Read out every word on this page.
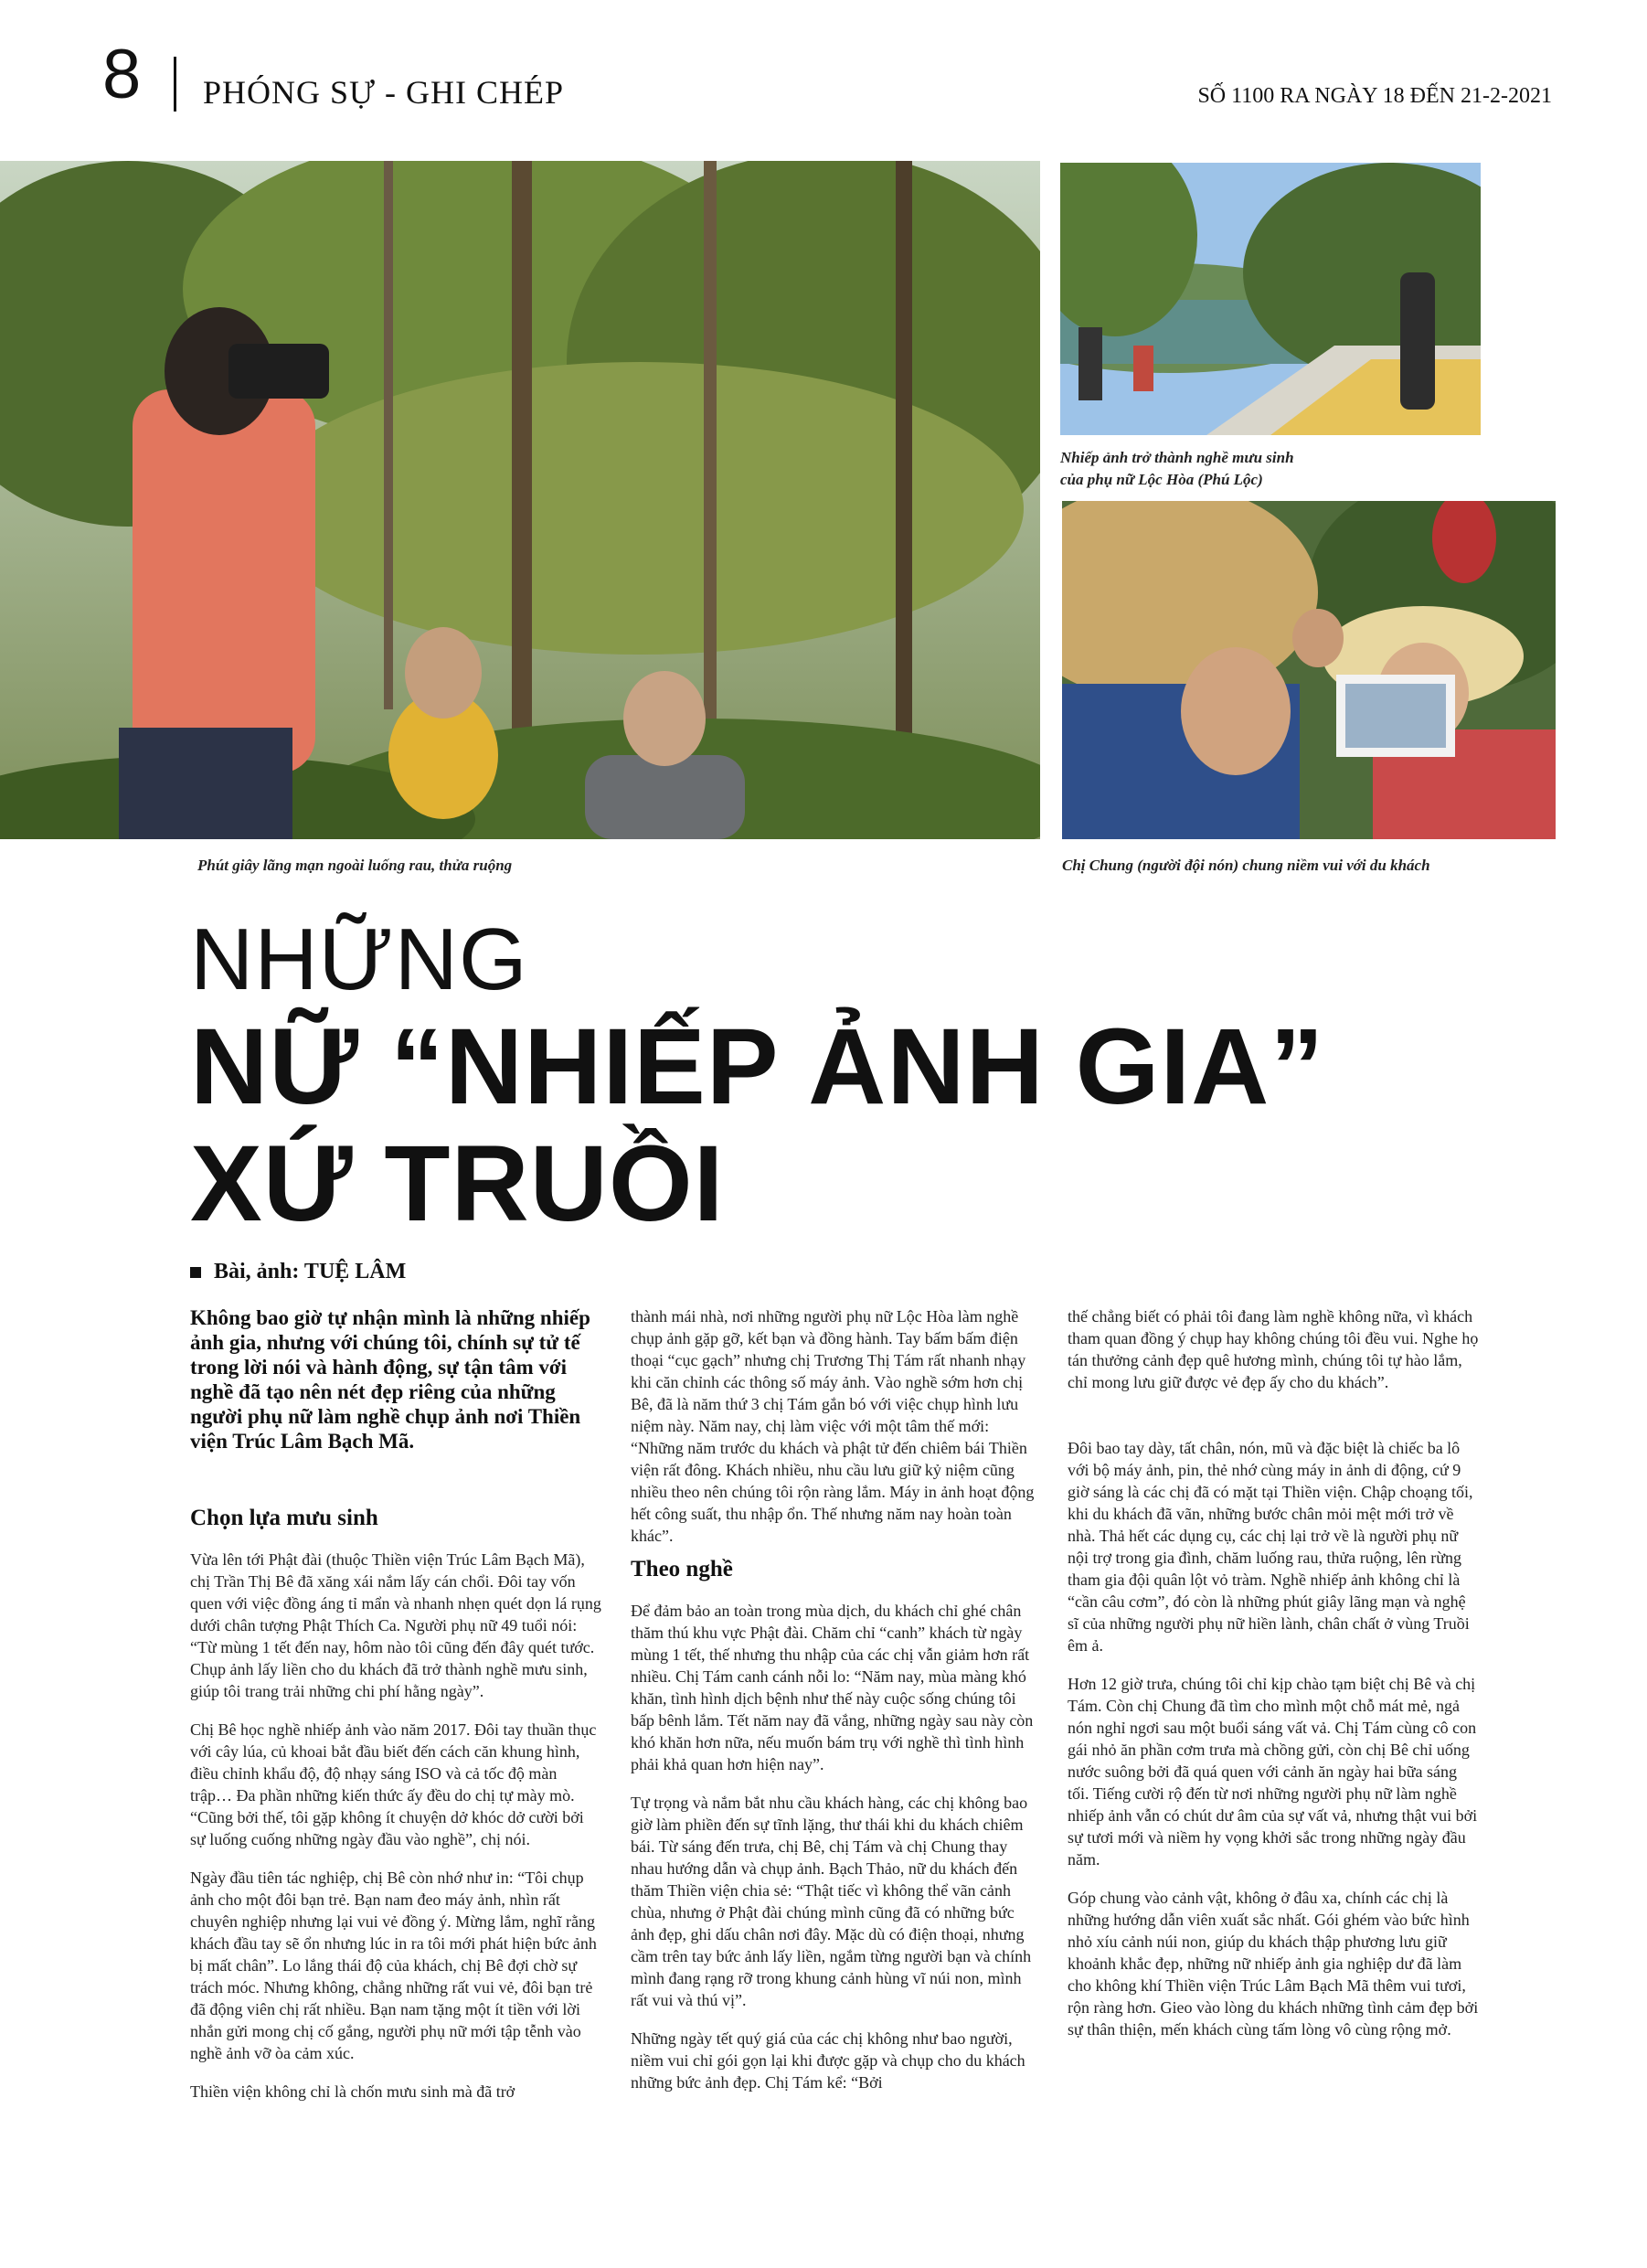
8 PHÓNG SỰ - GHI CHÉP	SỐ 1100 RA NGÀY 18 ĐẾN 21-2-2021
Phút giây lãng mạn ngoài luống rau, thửa ruộng
Nhiếp ảnh trở thành nghề mưu sinh
của phụ nữ Lộc Hòa (Phú Lộc)
Chị Chung (người đội nón) chung niềm vui với du khách
NHỮNG
NỮ “NHIẾP ẢNH GIA”
XỨ TRUỒI
Bài, ảnh: TUỆ LÂM

Không bao giờ tự nhận mình là những nhiếp ảnh gia, nhưng với chúng tôi, chính sự tử tế trong lời nói và hành động, sự tận tâm với nghề đã tạo nên nét đẹp riêng của những người phụ nữ làm nghề chụp ảnh nơi Thiền viện Trúc Lâm Bạch Mã.

Chọn lựa mưu sinh

Vừa lên tới Phật đài (thuộc Thiền viện Trúc Lâm Bạch Mã), chị Trần Thị Bê đã xăng xái nắm lấy cán chổi. Đôi tay vốn quen với việc đồng áng tỉ mẩn và nhanh nhẹn quét dọn lá rụng dưới chân tượng Phật Thích Ca. Người phụ nữ 49 tuổi nói: “Từ mùng 1 tết đến nay, hôm nào tôi cũng đến đây quét tước. Chụp ảnh lấy liền cho du khách đã trở thành nghề mưu sinh, giúp tôi trang trải những chi phí hằng ngày”.

Chị Bê học nghề nhiếp ảnh vào năm 2017. Đôi tay thuần thục với cây lúa, củ khoai bắt đầu biết đến cách căn khung hình, điều chỉnh khẩu độ, độ nhạy sáng ISO và cả tốc độ màn trập… Đa phần những kiến thức ấy đều do chị tự mày mò. “Cũng bởi thế, tôi gặp không ít chuyện dở khóc dở cười bởi sự luống cuống những ngày đầu vào nghề”, chị nói.

Ngày đầu tiên tác nghiệp, chị Bê còn nhớ như in: “Tôi chụp ảnh cho một đôi bạn trẻ. Bạn nam đeo máy ảnh, nhìn rất chuyên nghiệp nhưng lại vui vẻ đồng ý. Mừng lắm, nghĩ rằng khách đầu tay sẽ ổn nhưng lúc in ra tôi mới phát hiện bức ảnh bị mất chân”. Lo lắng thái độ của khách, chị Bê đợi chờ sự trách móc. Nhưng không, chẳng những rất vui vẻ, đôi bạn trẻ đã động viên chị rất nhiều. Bạn nam tặng một ít tiền với lời nhắn gửi mong chị cố gắng, người phụ nữ mới tập tễnh vào nghề ảnh vỡ òa cảm xúc.

Thiền viện không chỉ là chốn mưu sinh mà đã trở

thành mái nhà, nơi những người phụ nữ Lộc Hòa làm nghề chụp ảnh gặp gỡ, kết bạn và đồng hành. Tay bấm bấm điện thoại “cục gạch” nhưng chị Trương Thị Tám rất nhanh nhạy khi căn chỉnh các thông số máy ảnh. Vào nghề sớm hơn chị Bê, đã là năm thứ 3 chị Tám gắn bó với việc chụp hình lưu niệm này. Năm nay, chị làm việc với một tâm thế mới: “Những năm trước du khách và phật tử đến chiêm bái Thiền viện rất đông. Khách nhiều, nhu cầu lưu giữ kỷ niệm cũng nhiều theo nên chúng tôi rộn ràng lắm. Máy in ảnh hoạt động hết công suất, thu nhập ổn. Thế nhưng năm nay hoàn toàn khác”.

Theo nghề

Để đảm bảo an toàn trong mùa dịch, du khách chỉ ghé chân thăm thú khu vực Phật đài. Chăm chỉ “canh” khách từ ngày mùng 1 tết, thế nhưng thu nhập của các chị vẫn giảm hơn rất nhiều. Chị Tám canh cánh nỗi lo: “Năm nay, mùa màng khó khăn, tình hình dịch bệnh như thế này cuộc sống chúng tôi bấp bênh lắm. Tết năm nay đã vắng, những ngày sau này còn khó khăn hơn nữa, nếu muốn bám trụ với nghề thì tình hình phải khả quan hơn hiện nay”.

Tự trọng và nắm bắt nhu cầu khách hàng, các chị không bao giờ làm phiền đến sự tĩnh lặng, thư thái khi du khách chiêm bái. Từ sáng đến trưa, chị Bê, chị Tám và chị Chung thay nhau hướng dẫn và chụp ảnh. Bạch Thảo, nữ du khách đến thăm Thiền viện chia sẻ: “Thật tiếc vì không thể vãn cảnh chùa, nhưng ở Phật đài chúng mình cũng đã có những bức ảnh đẹp, ghi dấu chân nơi đây. Mặc dù có điện thoại, nhưng cầm trên tay bức ảnh lấy liền, ngắm từng người bạn và chính mình đang rạng rỡ trong khung cảnh hùng vĩ núi non, mình rất vui và thú vị”.

Những ngày tết quý giá của các chị không như bao người, niềm vui chỉ gói gọn lại khi được gặp và chụp cho du khách những bức ảnh đẹp. Chị Tám kể: “Bởi

thế chẳng biết có phải tôi đang làm nghề không nữa, vì khách tham quan đồng ý chụp hay không chúng tôi đều vui. Nghe họ tán thưởng cảnh đẹp quê hương mình, chúng tôi tự hào lắm, chỉ mong lưu giữ được vẻ đẹp ấy cho du khách”.

Đôi bao tay dày, tất chân, nón, mũ và đặc biệt là chiếc ba lô với bộ máy ảnh, pin, thẻ nhớ cùng máy in ảnh di động, cứ 9 giờ sáng là các chị đã có mặt tại Thiền viện. Chập choạng tối, khi du khách đã vãn, những bước chân mỏi mệt mới trở về nhà. Thả hết các dụng cụ, các chị lại trở về là người phụ nữ nội trợ trong gia đình, chăm luống rau, thửa ruộng, lên rừng tham gia đội quân lột vỏ tràm. Nghề nhiếp ảnh không chỉ là “cần câu cơm”, đó còn là những phút giây lãng mạn và nghệ sĩ của những người phụ nữ hiền lành, chân chất ở vùng Truồi êm ả.

Hơn 12 giờ trưa, chúng tôi chỉ kịp chào tạm biệt chị Bê và chị Tám. Còn chị Chung đã tìm cho mình một chỗ mát mẻ, ngả nón nghỉ ngơi sau một buổi sáng vất vả. Chị Tám cùng cô con gái nhỏ ăn phần cơm trưa mà chồng gửi, còn chị Bê chỉ uống nước suông bởi đã quá quen với cảnh ăn ngày hai bữa sáng tối. Tiếng cười rộ đến từ nơi những người phụ nữ làm nghề nhiếp ảnh vẫn có chút dư âm của sự vất vả, nhưng thật vui bởi sự tươi mới và niềm hy vọng khởi sắc trong những ngày đầu năm.

Góp chung vào cảnh vật, không ở đâu xa, chính các chị là những hướng dẫn viên xuất sắc nhất. Gói ghém vào bức hình nhỏ xíu cảnh núi non, giúp du khách thập phương lưu giữ khoảnh khắc đẹp, những nữ nhiếp ảnh gia nghiệp dư đã làm cho không khí Thiền viện Trúc Lâm Bạch Mã thêm vui tươi, rộn ràng hơn. Gieo vào lòng du khách những tình cảm đẹp bởi sự thân thiện, mến khách cùng tấm lòng vô cùng rộng mở.
